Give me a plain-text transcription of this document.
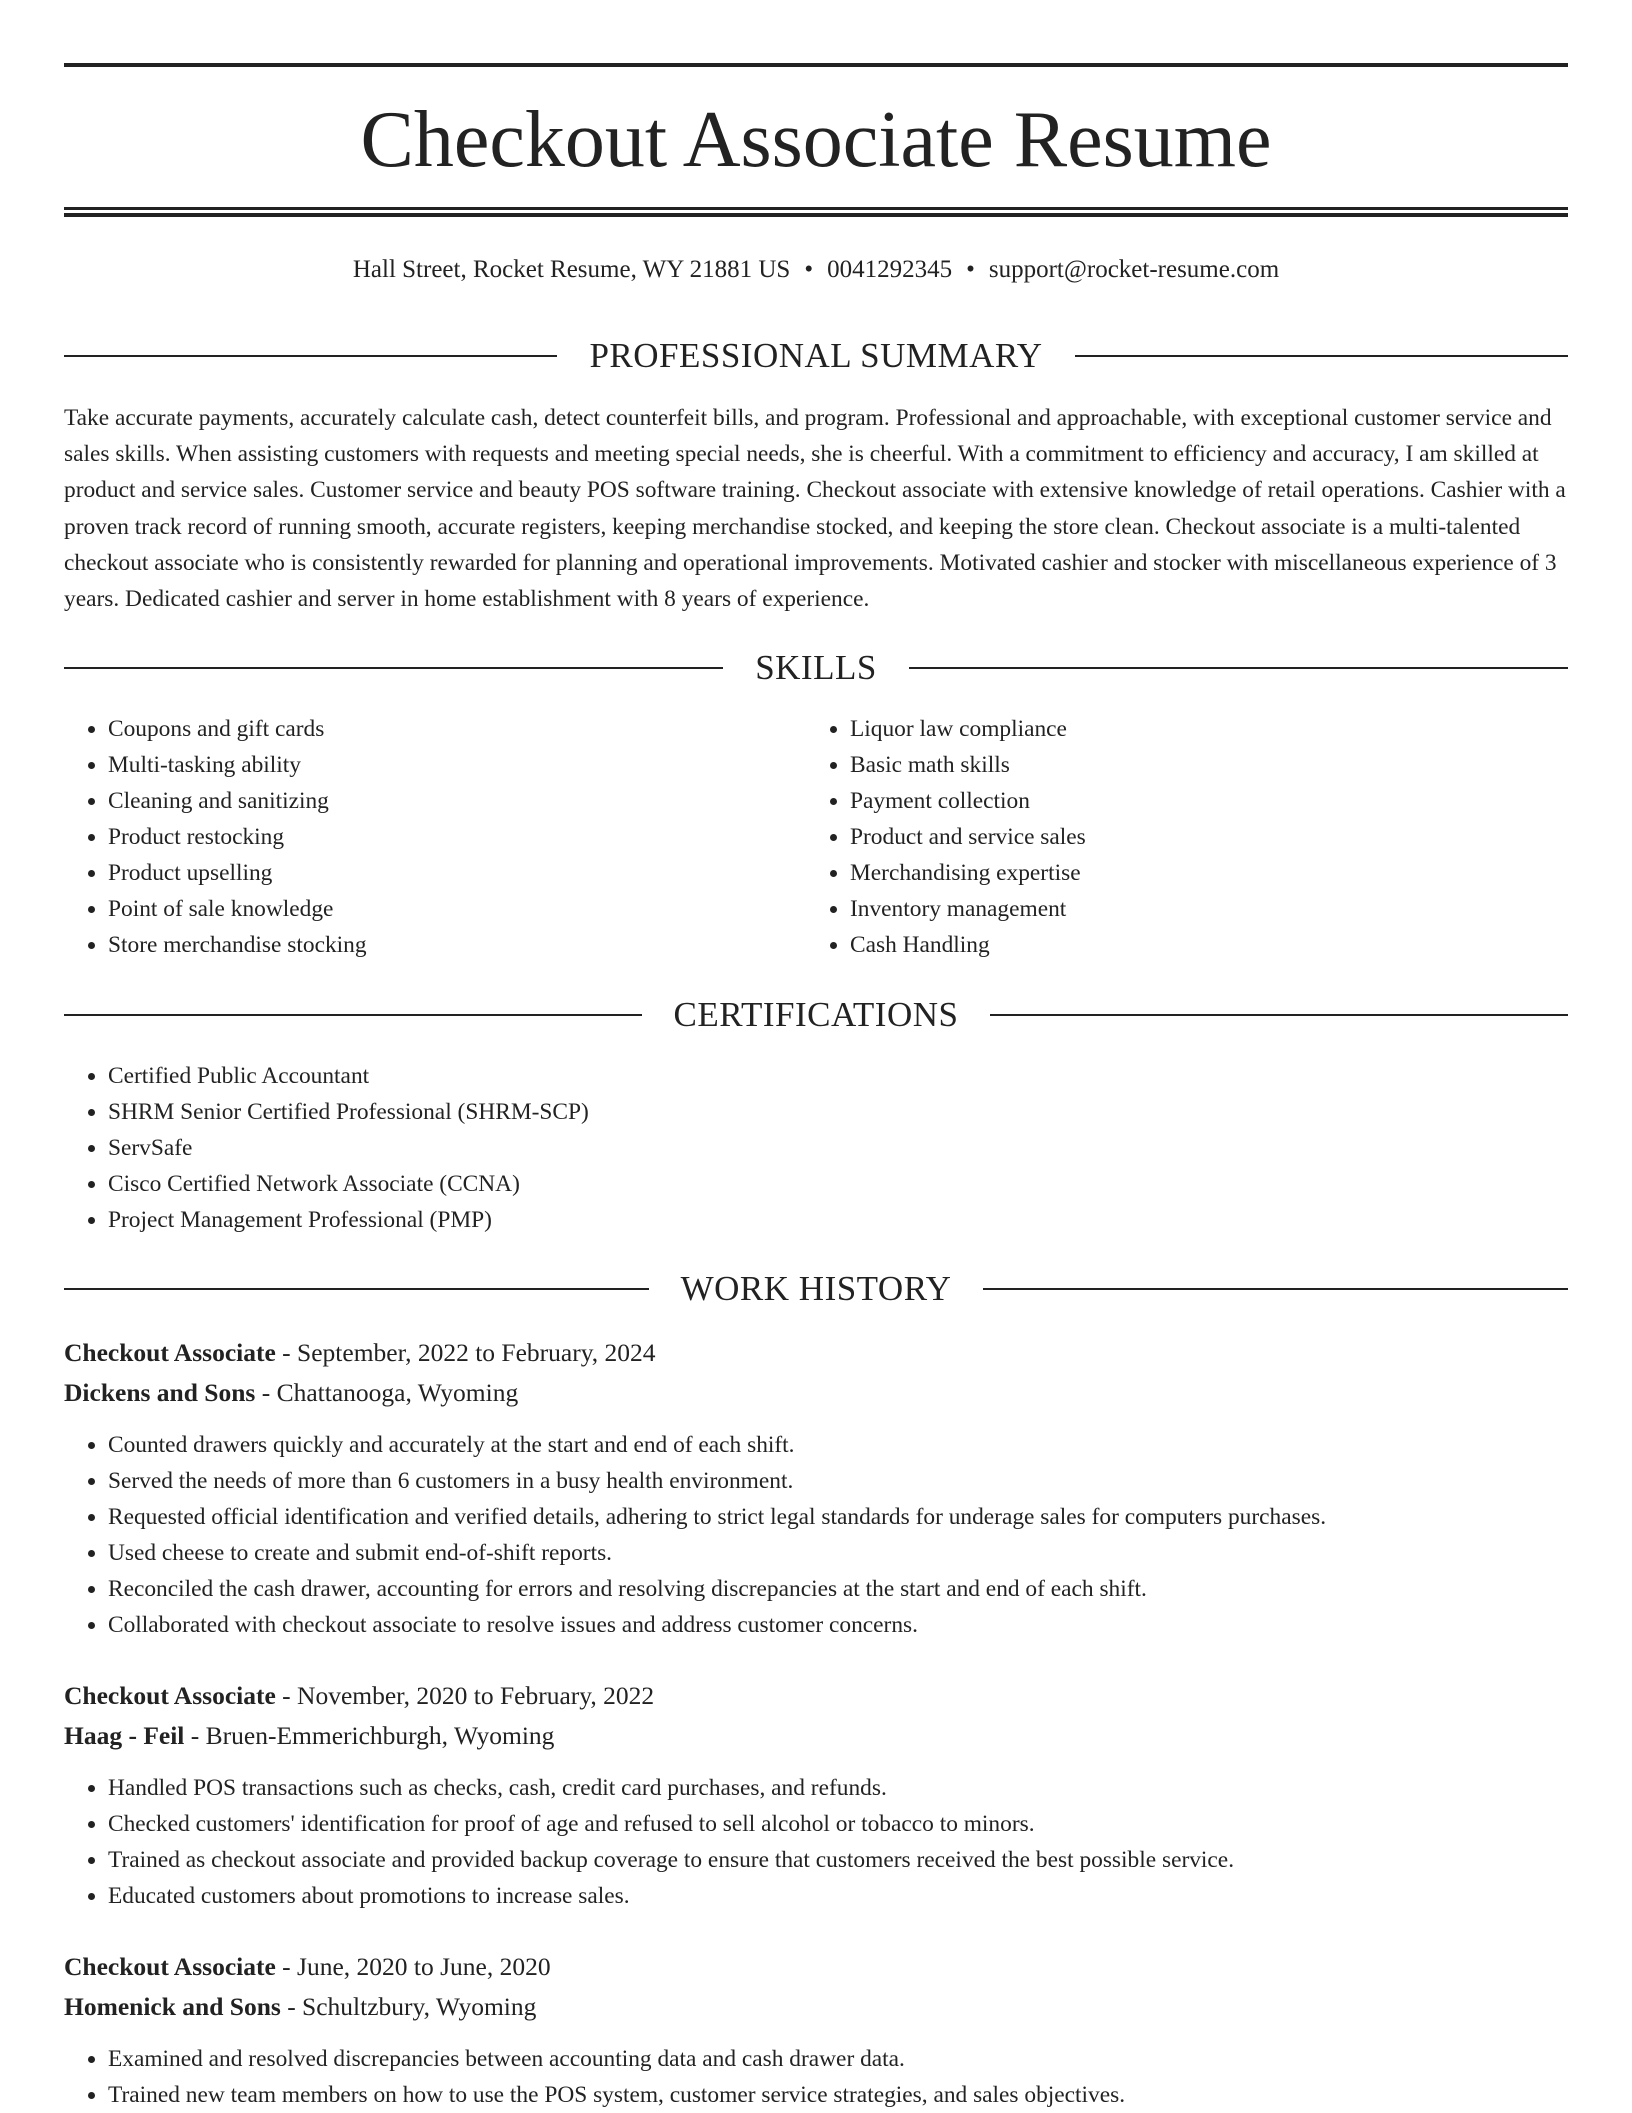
Checkout Associate Resume
Hall Street, Rocket Resume, WY 21881 US • 0041292345 • support@rocket-resume.com
PROFESSIONAL SUMMARY

Take accurate payments, accurately calculate cash, detect counterfeit bills, and program. Professional and approachable, with exceptional customer service and sales skills. When assisting customers with requests and meeting special needs, she is cheerful. With a commitment to efficiency and accuracy, I am skilled at product and service sales. Customer service and beauty POS software training. Checkout associate with extensive knowledge of retail operations. Cashier with a proven track record of running smooth, accurate registers, keeping merchandise stocked, and keeping the store clean. Checkout associate is a multi-talented checkout associate who is consistently rewarded for planning and operational improvements. Motivated cashier and stocker with miscellaneous experience of 3 years. Dedicated cashier and server in home establishment with 8 years of experience.

SKILLS
• Coupons and gift cards
• Multi-tasking ability
• Cleaning and sanitizing
• Product restocking
• Product upselling
• Point of sale knowledge
• Store merchandise stocking
• Liquor law compliance
• Basic math skills
• Payment collection
• Product and service sales
• Merchandising expertise
• Inventory management
• Cash Handling
CERTIFICATIONS
• Certified Public Accountant
• SHRM Senior Certified Professional (SHRM-SCP)
• ServSafe
• Cisco Certified Network Associate (CCNA)
• Project Management Professional (PMP)
WORK HISTORY
Checkout Associate - September, 2022 to February, 2024
Dickens and Sons - Chattanooga, Wyoming
• Counted drawers quickly and accurately at the start and end of each shift.
• Served the needs of more than 6 customers in a busy health environment.
• Requested official identification and verified details, adhering to strict legal standards for underage sales for computers purchases.
• Used cheese to create and submit end-of-shift reports.
• Reconciled the cash drawer, accounting for errors and resolving discrepancies at the start and end of each shift.
• Collaborated with checkout associate to resolve issues and address customer concerns.
Checkout Associate - November, 2020 to February, 2022
Haag - Feil - Bruen-Emmerichburgh, Wyoming
• Handled POS transactions such as checks, cash, credit card purchases, and refunds.
• Checked customers' identification for proof of age and refused to sell alcohol or tobacco to minors.
• Trained as checkout associate and provided backup coverage to ensure that customers received the best possible service.
• Educated customers about promotions to increase sales.
Checkout Associate - June, 2020 to June, 2020
Homenick and Sons - Schultzbury, Wyoming
• Examined and resolved discrepancies between accounting data and cash drawer data.
• Trained new team members on how to use the POS system, customer service strategies, and sales objectives.
